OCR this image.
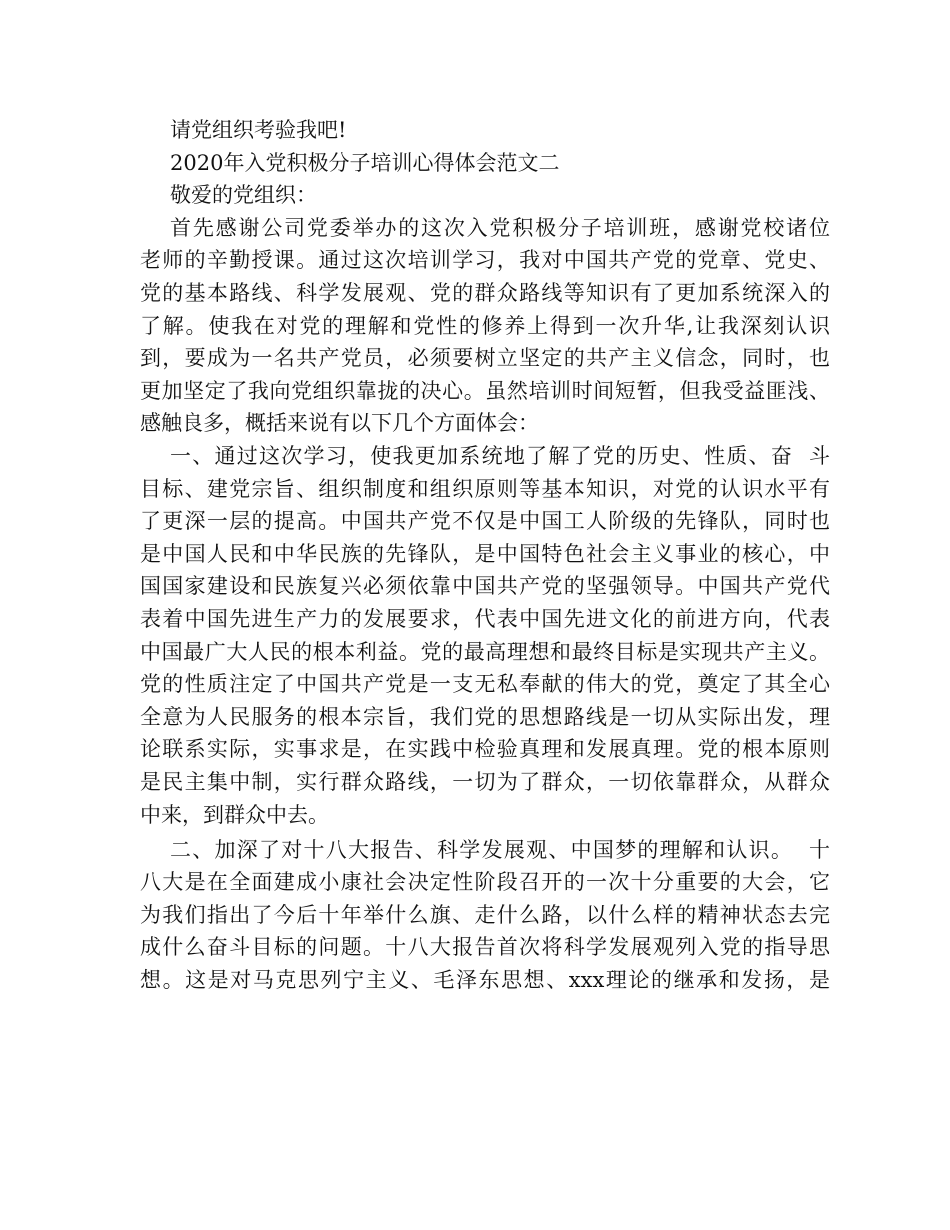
请党组织考验我吧!
2020年入党积极分子培训心得体会范文二
敬爱的党组织：
首先感谢公司党委举办的这次入党积极分子培训班，感谢党校诸位
老师的辛勤授课。通过这次培训学习，我对中国共产党的党章、党史、
党的基本路线、科学发展观、党的群众路线等知识有了更加系统深入的
了解。使我在对党的理解和党性的修养上得到一次升华,让我深刻认识
到，要成为一名共产党员，必须要树立坚定的共产主义信念，同时，也
更加坚定了我向党组织靠拢的决心。虽然培训时间短暂，但我受益匪浅、
感触良多，概括来说有以下几个方面体会：
一、通过这次学习，使我更加系统地了解了党的历史、性质、奋  斗
目标、建党宗旨、组织制度和组织原则等基本知识，对党的认识水平有
了更深一层的提高。中国共产党不仅是中国工人阶级的先锋队，同时也
是中国人民和中华民族的先锋队，是中国特色社会主义事业的核心，中
国国家建设和民族复兴必须依靠中国共产党的坚强领导。中国共产党代
表着中国先进生产力的发展要求，代表中国先进文化的前进方向，代表
中国最广大人民的根本利益。党的最高理想和最终目标是实现共产主义。
党的性质注定了中国共产党是一支无私奉献的伟大的党，奠定了其全心
全意为人民服务的根本宗旨，我们党的思想路线是一切从实际出发，理
论联系实际，实事求是，在实践中检验真理和发展真理。党的根本原则
是民主集中制，实行群众路线，一切为了群众，一切依靠群众，从群众
中来，到群众中去。
二、加深了对十八大报告、科学发展观、中国梦的理解和认识。  十
八大是在全面建成小康社会决定性阶段召开的一次十分重要的大会，它
为我们指出了今后十年举什么旗、走什么路，以什么样的精神状态去完
成什么奋斗目标的问题。十八大报告首次将科学发展观列入党的指导思
想。这是对马克思列宁主义、毛泽东思想、xxx理论的继承和发扬，是
